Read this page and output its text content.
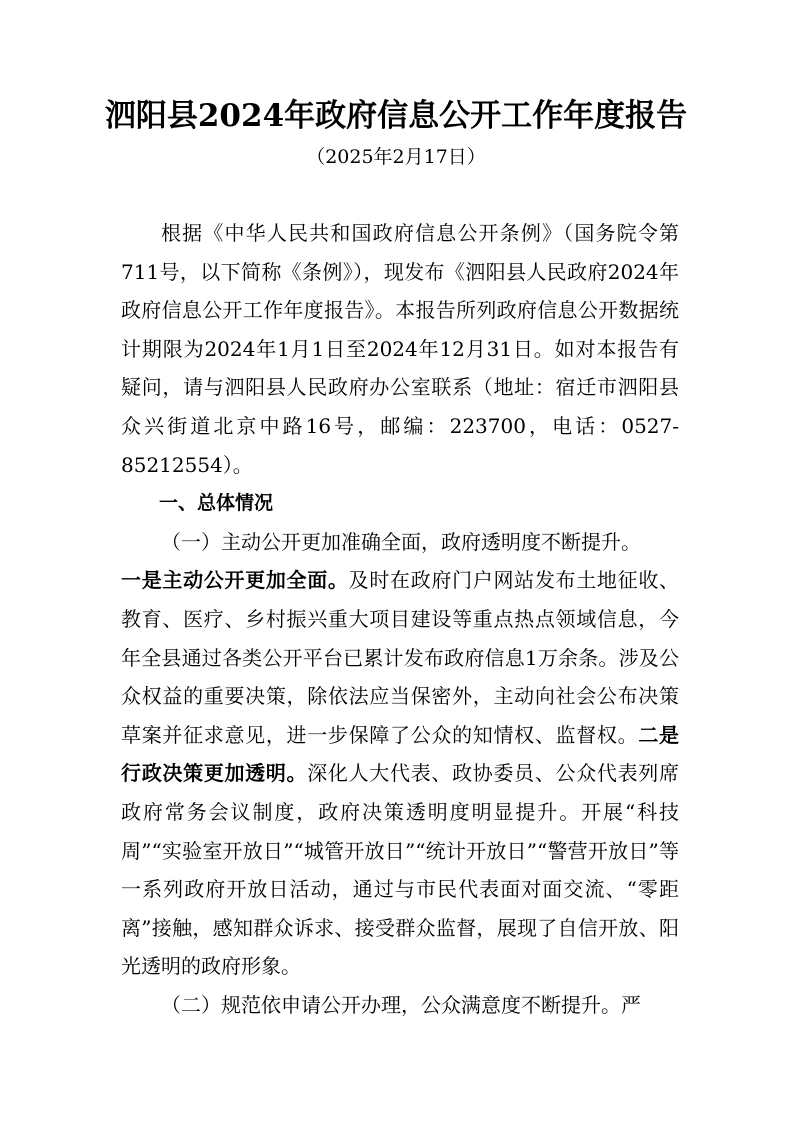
泗阳县2024年政府信息公开工作年度报告
（2025年2月17日）

根据《中华人民共和国政府信息公开条例》（国务院令第711号，以下简称《条例》），现发布《泗阳县人民政府2024年政府信息公开工作年度报告》。本报告所列政府信息公开数据统计期限为2024年1月1日至2024年12月31日。如对本报告有疑问，请与泗阳县人民政府办公室联系（地址：宿迁市泗阳县众兴街道北京中路16号，邮编：223700，电话：0527-85212554）。

一、总体情况

（一）主动公开更加准确全面，政府透明度不断提升。

一是主动公开更加全面。及时在政府门户网站发布土地征收、教育、医疗、乡村振兴重大项目建设等重点热点领域信息，今年全县通过各类公开平台已累计发布政府信息1万余条。涉及公众权益的重要决策，除依法应当保密外，主动向社会公布决策草案并征求意见，进一步保障了公众的知情权、监督权。二是行政决策更加透明。深化人大代表、政协委员、公众代表列席政府常务会议制度，政府决策透明度明显提升。开展“科技周”“实验室开放日”“城管开放日”“统计开放日”“警营开放日”等一系列政府开放日活动，通过与市民代表面对面交流、“零距离”接触，感知群众诉求、接受群众监督，展现了自信开放、阳光透明的政府形象。

（二）规范依申请公开办理，公众满意度不断提升。严
